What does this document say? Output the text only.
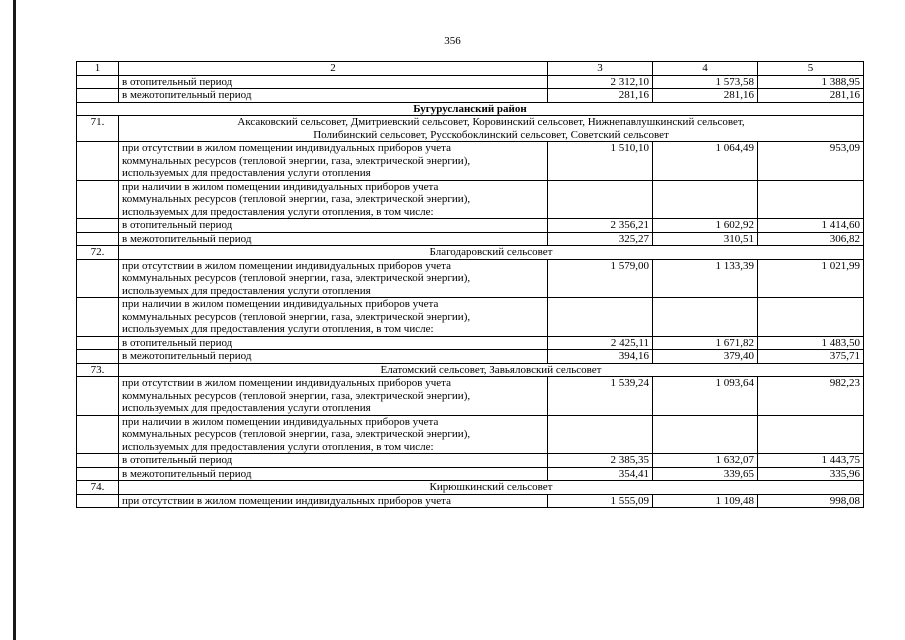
356
1	2	3	4	5
	в отопительный период	2 312,10	1 573,58	1 388,95
	в межотопительный период	281,16	281,16	281,16
Бугурусланский район				
71.	Аксаковский сельсовет, Дмитриевский сельсовет, Коровинский сельсовет, Нижнепавлушкинский сельсовет,
Полибинский сельсовет, Русскобоклинский сельсовет, Советский сельсовет			
	при отсутствии в жилом помещении индивидуальных приборов учета
коммунальных ресурсов (тепловой энергии, газа, электрической энергии),
используемых для предоставления услуги отопления	1 510,10	1 064,49	953,09
	при наличии в жилом помещении индивидуальных приборов учета
коммунальных ресурсов (тепловой энергии, газа, электрической энергии),
используемых для предоставления услуги отопления, в том числе:			
	в отопительный период	2 356,21	1 602,92	1 414,60
	в межотопительный период	325,27	310,51	306,82
72.	Благодаровский сельсовет			
	при отсутствии в жилом помещении индивидуальных приборов учета
коммунальных ресурсов (тепловой энергии, газа, электрической энергии),
используемых для предоставления услуги отопления	1 579,00	1 133,39	1 021,99
	при наличии в жилом помещении индивидуальных приборов учета
коммунальных ресурсов (тепловой энергии, газа, электрической энергии),
используемых для предоставления услуги отопления, в том числе:			
	в отопительный период	2 425,11	1 671,82	1 483,50
	в межотопительный период	394,16	379,40	375,71
73.	Елатомский сельсовет, Завьяловский сельсовет			
	при отсутствии в жилом помещении индивидуальных приборов учета
коммунальных ресурсов (тепловой энергии, газа, электрической энергии),
используемых для предоставления услуги отопления	1 539,24	1 093,64	982,23
	при наличии в жилом помещении индивидуальных приборов учета
коммунальных ресурсов (тепловой энергии, газа, электрической энергии),
используемых для предоставления услуги отопления, в том числе:			
	в отопительный период	2 385,35	1 632,07	1 443,75
	в межотопительный период	354,41	339,65	335,96
74.	Кирюшкинский сельсовет			
	при отсутствии в жилом помещении индивидуальных приборов учета	1 555,09	1 109,48	998,08
